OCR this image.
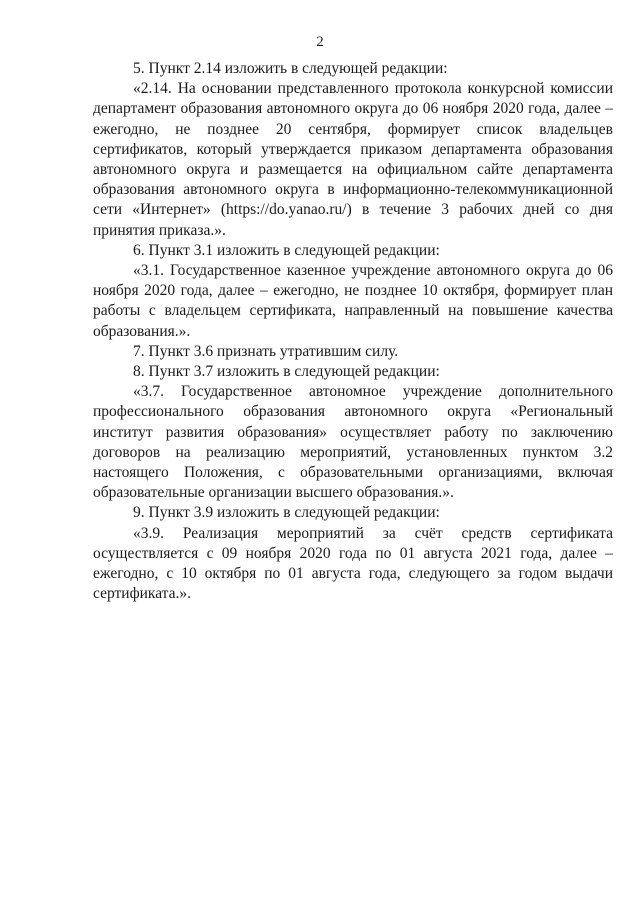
2

5. Пункт 2.14 изложить в следующей редакции:

«2.14. На основании представленного протокола конкурсной комиссии департамент образования автономного округа до 06 ноября 2020 года, далее – ежегодно, не позднее 20 сентября, формирует список владельцев сертификатов, который утверждается приказом департамента образования автономного округа и размещается на официальном сайте департамента образования автономного округа в информационно-телекоммуникационной сети «Интернет» (https://do.yanao.ru/) в течение 3 рабочих дней со дня принятия приказа.».

6. Пункт 3.1 изложить в следующей редакции:

«3.1. Государственное казенное учреждение автономного округа до 06 ноября 2020 года, далее – ежегодно, не позднее 10 октября, формирует план работы с владельцем сертификата, направленный на повышение качества образования.».

7. Пункт 3.6 признать утратившим силу.

8. Пункт 3.7 изложить в следующей редакции:

«3.7. Государственное автономное учреждение дополнительного профессионального образования автономного округа «Региональный институт развития образования» осуществляет работу по заключению договоров на реализацию мероприятий, установленных пунктом 3.2 настоящего Положения, с образовательными организациями, включая образовательные организации высшего образования.».

9. Пункт 3.9 изложить в следующей редакции:

«3.9. Реализация мероприятий за счёт средств сертификата осуществляется с 09 ноября 2020 года по 01 августа 2021 года, далее – ежегодно, с 10 октября по 01 августа года, следующего за годом выдачи сертификата.».
